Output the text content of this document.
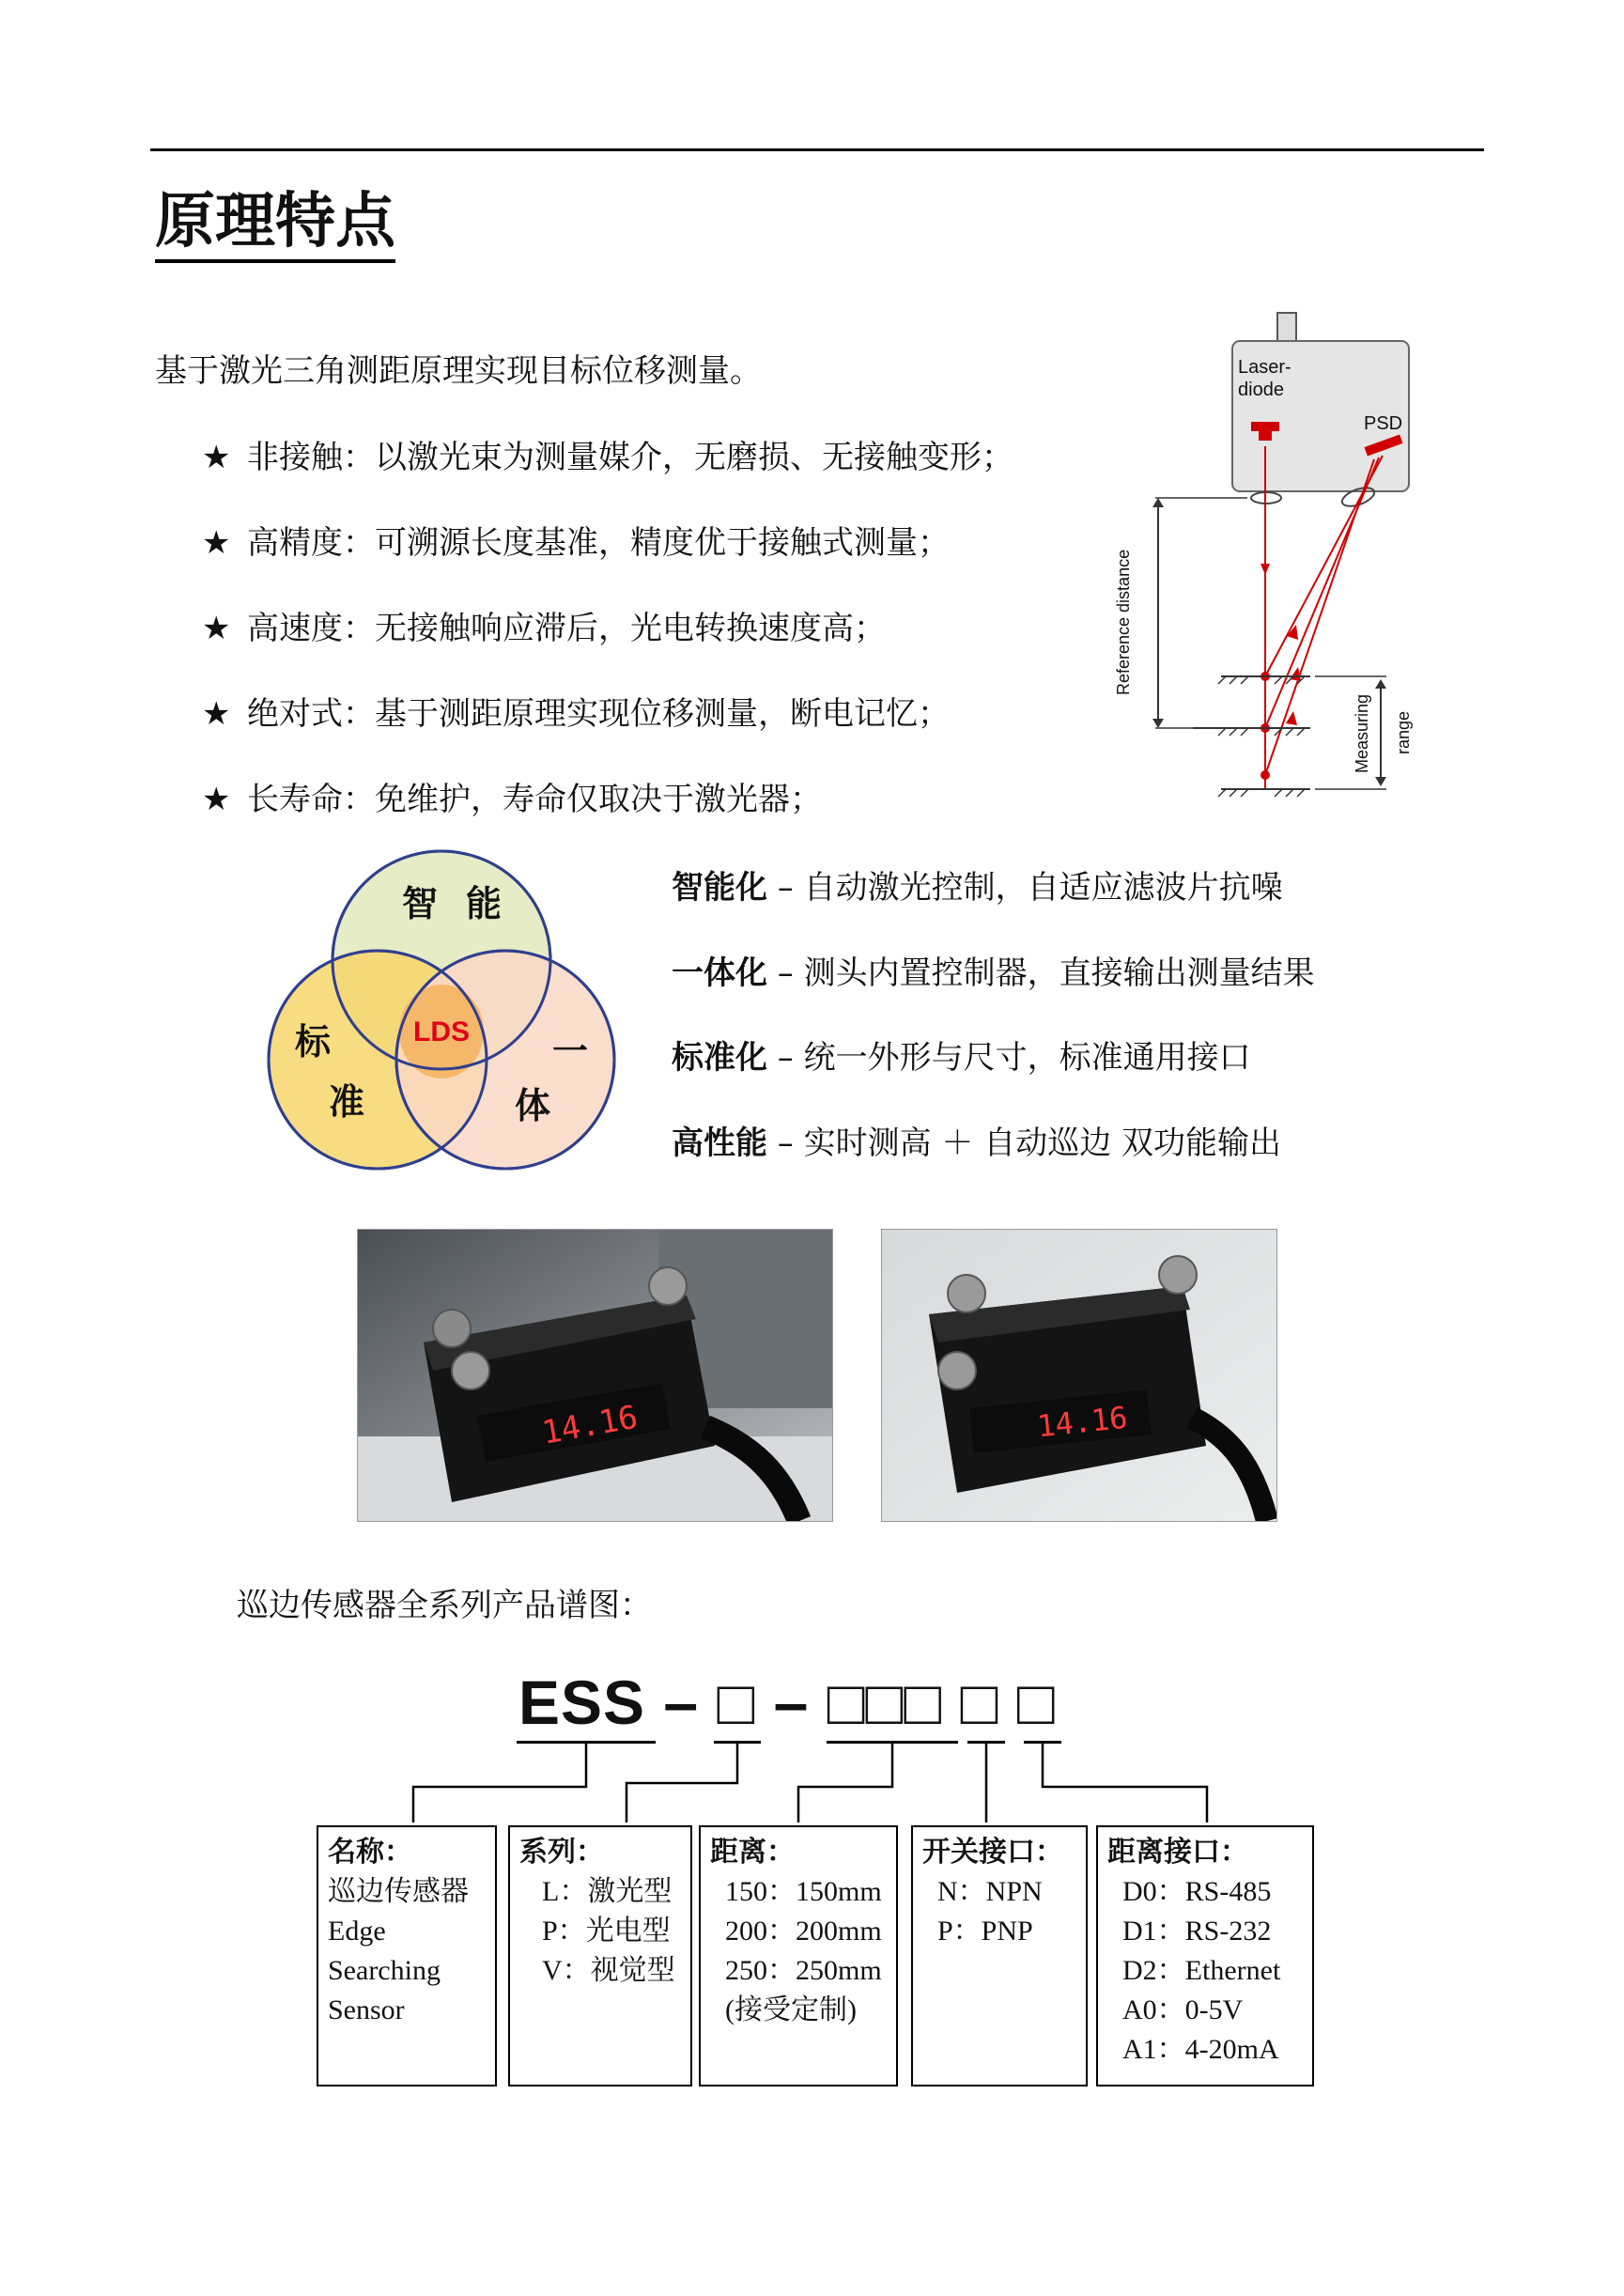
原理特点
基于激光三角测距原理实现目标位移测量。
★ 非接触：以激光束为测量媒介，无磨损、无接触变形；
★ 高精度：可溯源长度基准，精度优于接触式测量；
★ 高速度：无接触响应滞后，光电转换速度高；
★ 绝对式：基于测距原理实现位移测量，断电记忆；
★ 长寿命：免维护，寿命仅取决于激光器；
Laser-
diode
PSD
Reference distance
Measuring range
智 能
标
准
一
体
LDS
智能化 – 自动激光控制，自适应滤波片抗噪
一体化 – 测头内置控制器，直接输出测量结果
标准化 – 统一外形与尺寸，标准通用接口
高性能 – 实时测高 ＋ 自动巡边 双功能输出
14.16	14.16
巡边传感器全系列产品谱图：
ESS – □ – □□□ □ □
名称：
巡边传感器
Edge
Searching
Sensor
系列：
L：激光型
P：光电型
V：视觉型
距离：
150：150mm
200：200mm
250：250mm
(接受定制)
开关接口：
N：NPN
P：PNP
距离接口：
D0：RS-485
D1：RS-232
D2：Ethernet
A0：0-5V
A1：4-20mA
